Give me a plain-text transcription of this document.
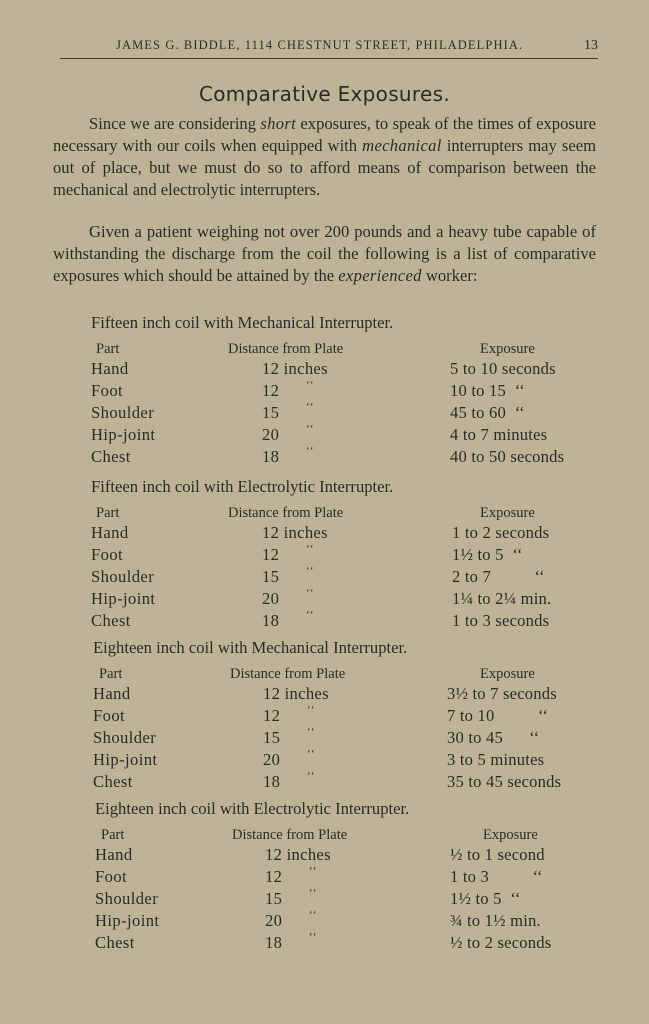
JAMES G. BIDDLE, 1114 CHESTNUT STREET, PHILADELPHIA.	13
Comparative Exposures.

Since we are considering short exposures, to speak of the times of exposure necessary with our coils when equipped with mechanical interrupters may seem out of place, but we must do so to afford means of comparison between the mechanical and electrolytic interrupters.

Given a patient weighing not over 200 pounds and a heavy tube capable of withstanding the discharge from the coil the following is a list of comparative exposures which should be attained by the experienced worker:

Fifteen inch coil with Mechanical Interrupter.
Part	Distance from Plate	Exposure
Hand	12 inches	5 to 10 seconds
Foot	12 ‘‘	10 to 15  ‘‘
Shoulder	15 ‘‘	45 to 60  ‘‘
Hip-joint	20 ‘‘	4 to 7 minutes
Chest	18 ‘‘	40 to 50 seconds
Fifteen inch coil with Electrolytic Interrupter.
Part	Distance from Plate	Exposure
Hand	12 inches	1 to 2 seconds
Foot	12 ‘‘	1½ to 5  ‘‘
Shoulder	15 ‘‘	2 to 7          ‘‘
Hip-joint	20 ‘‘	1¼ to 2¼ min.
Chest	18 ‘‘	1 to 3 seconds
Eighteen inch coil with Mechanical Interrupter.
Part	Distance from Plate	Exposure
Hand	12 inches	3½ to 7 seconds
Foot	12 ‘‘	7 to 10          ‘‘
Shoulder	15 ‘‘	30 to 45      ‘‘
Hip-joint	20 ‘‘	3 to 5 minutes
Chest	18 ‘‘	35 to 45 seconds
Eighteen inch coil with Electrolytic Interrupter.
Part	Distance from Plate	Exposure
Hand	12 inches	½ to 1 second
Foot	12 ‘‘	1 to 3          ‘‘
Shoulder	15 ‘‘	1½ to 5  ‘‘
Hip-joint	20 ‘‘	¾ to 1½ min.
Chest	18 ‘‘	½ to 2 seconds
